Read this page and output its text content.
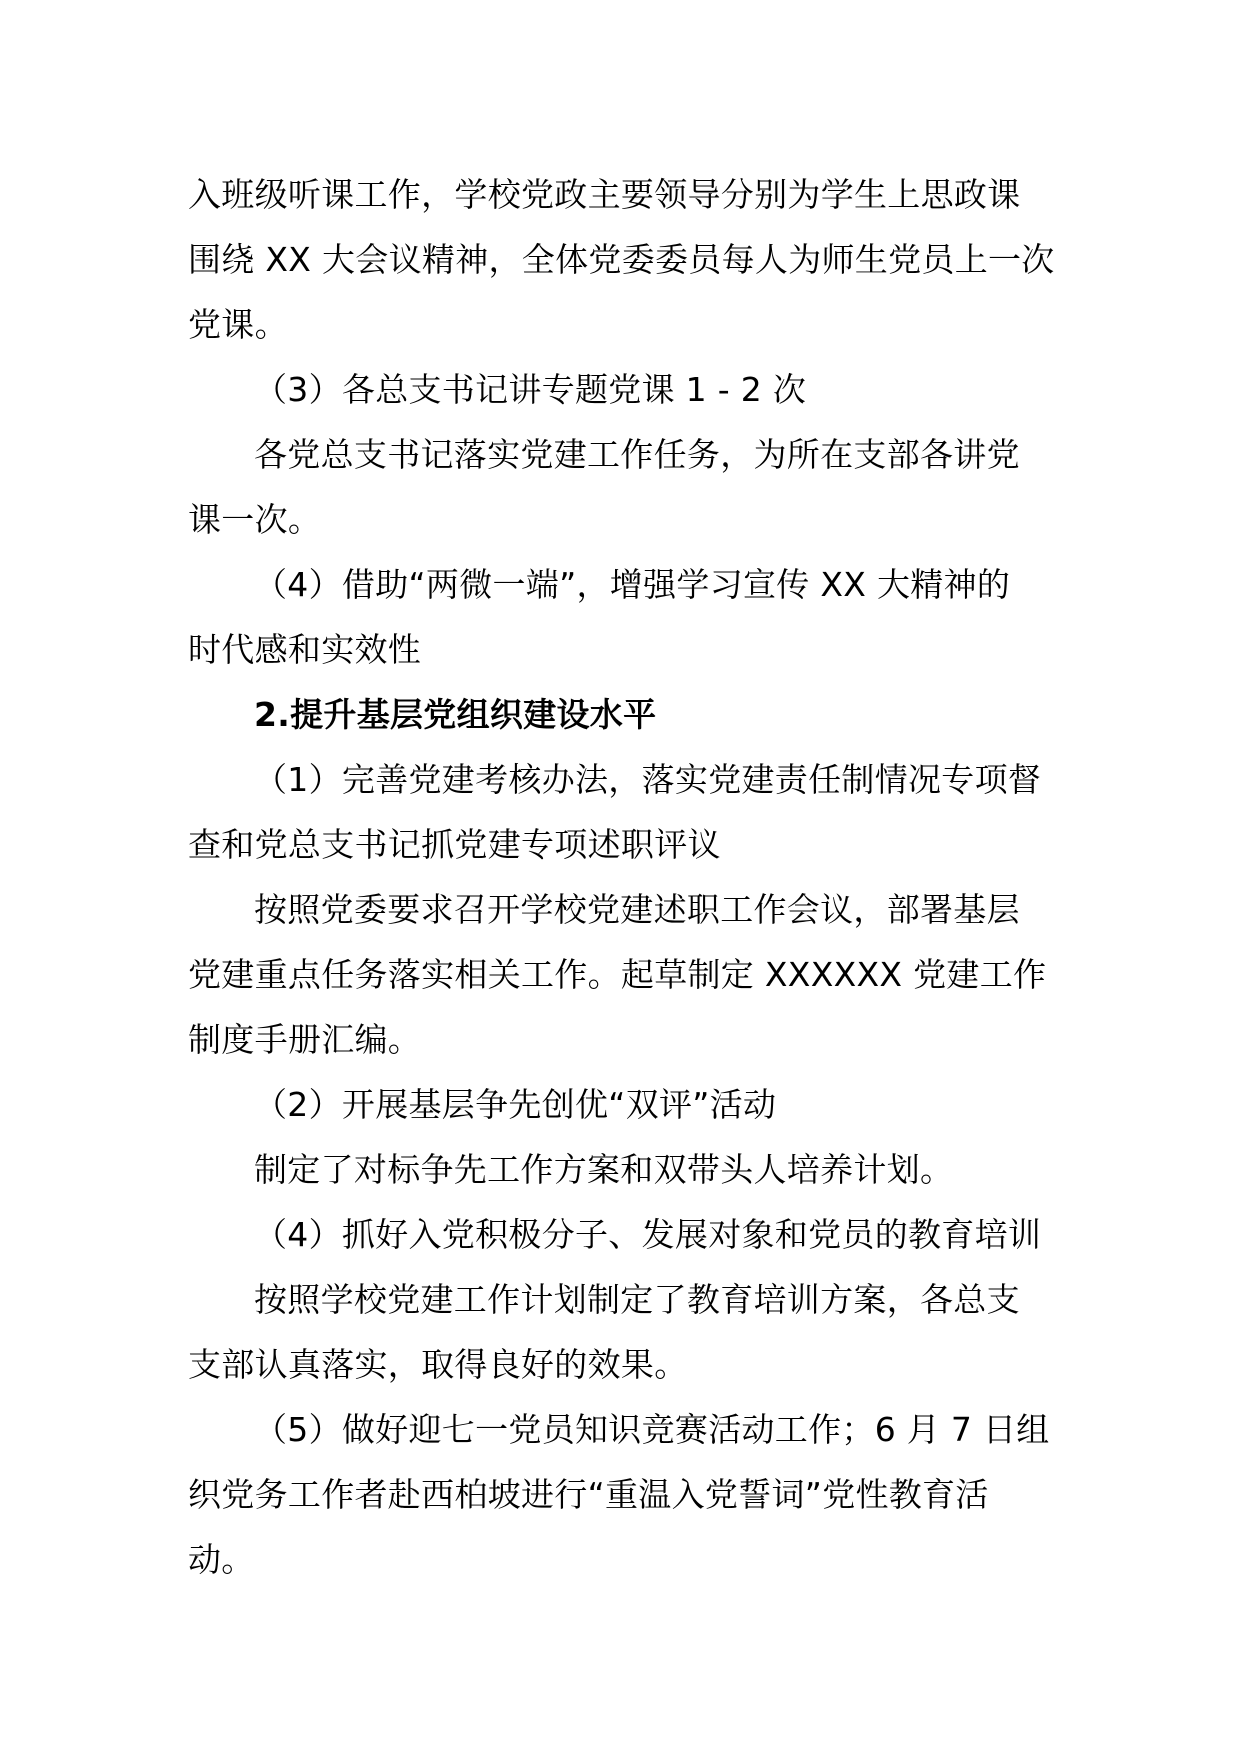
入班级听课工作，学校党政主要领导分别为学生上思政课
围绕 XX 大会议精神，全体党委委员每人为师生党员上一次
党课。
（3）各总支书记讲专题党课 1 - 2 次
各党总支书记落实党建工作任务，为所在支部各讲党
课一次。
（4）借助“两微一端”，增强学习宣传 XX 大精神的
时代感和实效性
2.提升基层党组织建设水平
（1）完善党建考核办法，落实党建责任制情况专项督
查和党总支书记抓党建专项述职评议
按照党委要求召开学校党建述职工作会议，部署基层
党建重点任务落实相关工作。起草制定 XXXXXX 党建工作
制度手册汇编。
（2）开展基层争先创优“双评”活动
制定了对标争先工作方案和双带头人培养计划。
（4）抓好入党积极分子、发展对象和党员的教育培训
按照学校党建工作计划制定了教育培训方案，各总支
支部认真落实，取得良好的效果。
（5）做好迎七一党员知识竞赛活动工作；6 月 7 日组
织党务工作者赴西柏坡进行“重温入党誓词”党性教育活
动。
